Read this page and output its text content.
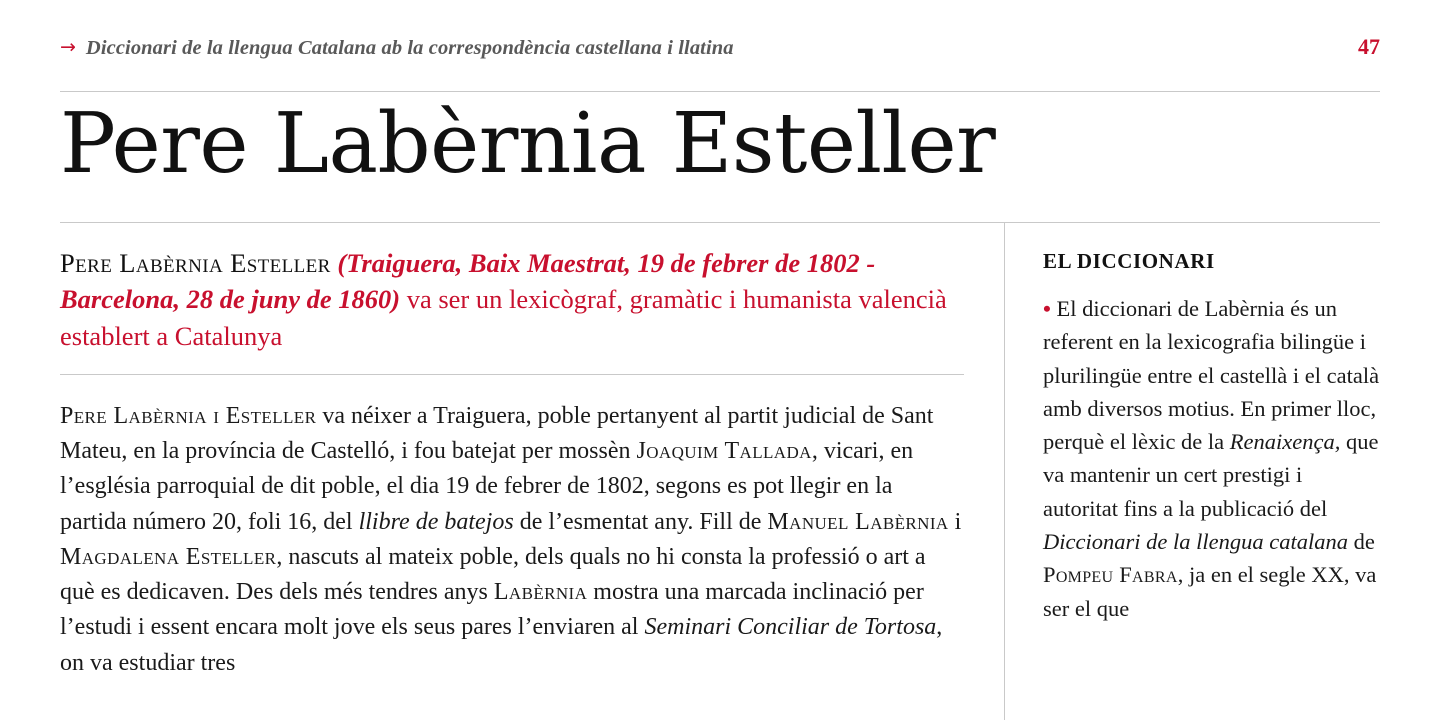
→ Diccionari de la llengua Catalana ab la correspondència castellana i llatina	47
Pere Labèrnia Esteller

Pere Labèrnia Esteller (Traiguera, Baix Maestrat, 19 de febrer de 1802 - Barcelona, 28 de juny de 1860) va ser un lexicògraf, gramàtic i humanista valencià establert a Catalunya

Pere Labèrnia i Esteller va néixer a Traiguera, poble pertanyent al partit judicial de Sant Mateu, en la província de Castelló, i fou batejat per mossèn Joaquim Tallada, vicari, en l’església parroquial de dit poble, el dia 19 de febrer de 1802, segons es pot llegir en la partida número 20, foli 16, del llibre de batejos de l’esmentat any. Fill de Manuel Labèrnia i Magdalena Esteller, nascuts al mateix poble, dels quals no hi consta la professió o art a què es dedicaven. Des dels més tendres anys Labèrnia mostra una marcada inclinació per l’estudi i essent encara molt jove els seus pares l’enviaren al Seminari Conciliar de Tortosa, on va estudiar tres

EL DICCIONARI

• El diccionari de Labèrnia és un referent en la lexicografia bilingüe i plurilingüe entre el castellà i el català amb diversos motius. En primer lloc, perquè el lèxic de la Renaixença, que va mantenir un cert prestigi i autoritat fins a la publicació del Diccionari de la llengua catalana de Pompeu Fabra, ja en el segle XX, va ser el que
